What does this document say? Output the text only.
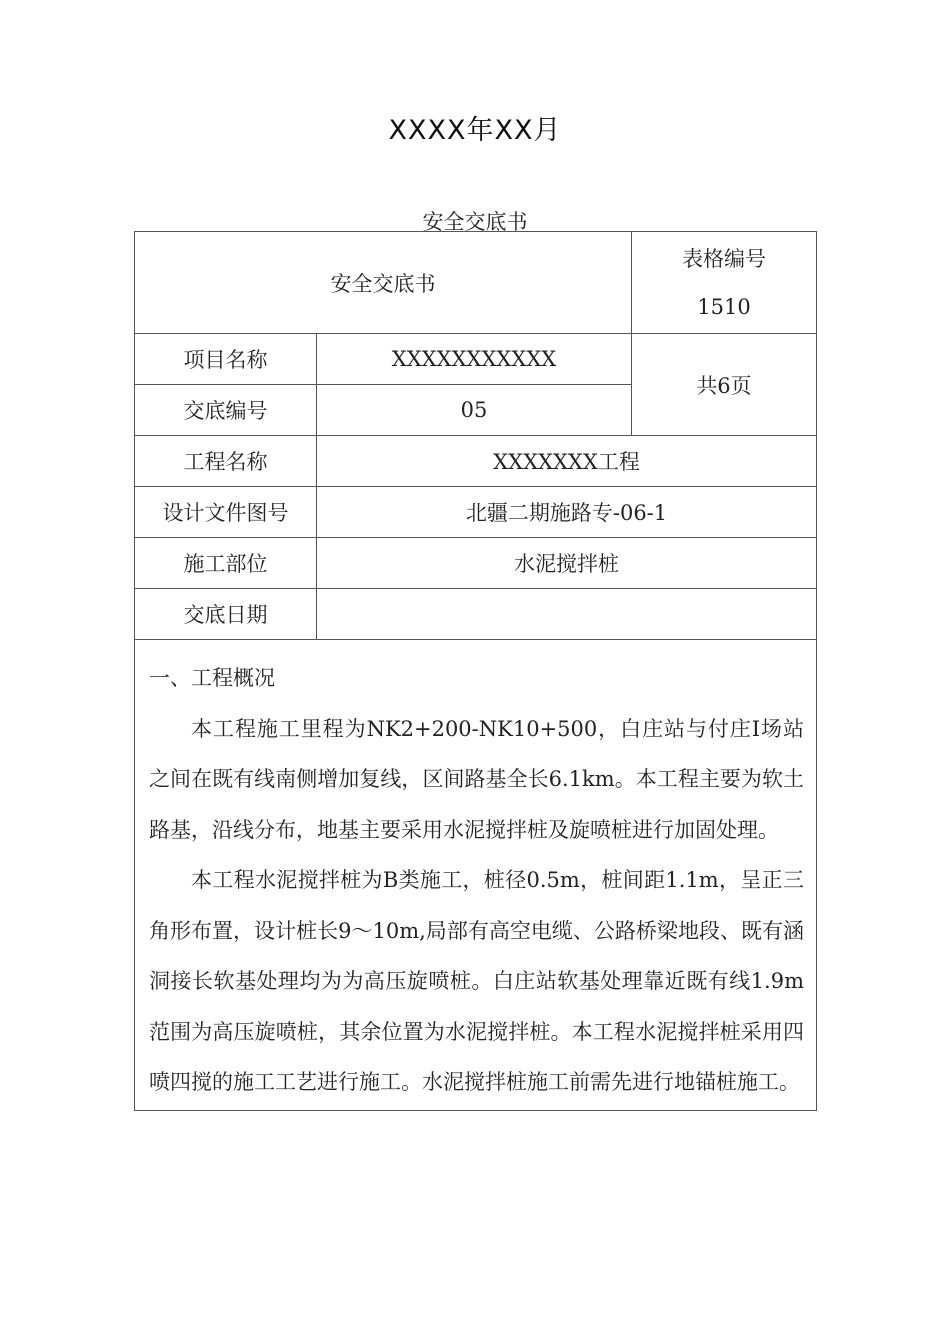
XXXX年XX月
安全交底书
安全交底书		表格编号
1510

项目名称	XXXXXXXXXXX	共6页
交底编号	05	
工程名称	XXXXXXX工程	
设计文件图号	北疆二期施路专-06-1	
施工部位	水泥搅拌桩	
交底日期		

一、工程概况

本工程施工里程为NK2+200-NK10+500，白庄站与付庄I场站之间在既有线南侧增加复线，区间路基全长6.1km。本工程主要为软土路基，沿线分布，地基主要采用水泥搅拌桩及旋喷桩进行加固处理。

本工程水泥搅拌桩为B类施工，桩径0.5m，桩间距1.1m，呈正三角形布置，设计桩长9～10m,局部有高空电缆、公路桥梁地段、既有涵洞接长软基处理均为为高压旋喷桩。白庄站软基处理靠近既有线1.9m范围为高压旋喷桩，其余位置为水泥搅拌桩。本工程水泥搅拌桩采用四喷四搅的施工工艺进行施工。水泥搅拌桩施工前需先进行地锚桩施工。		
